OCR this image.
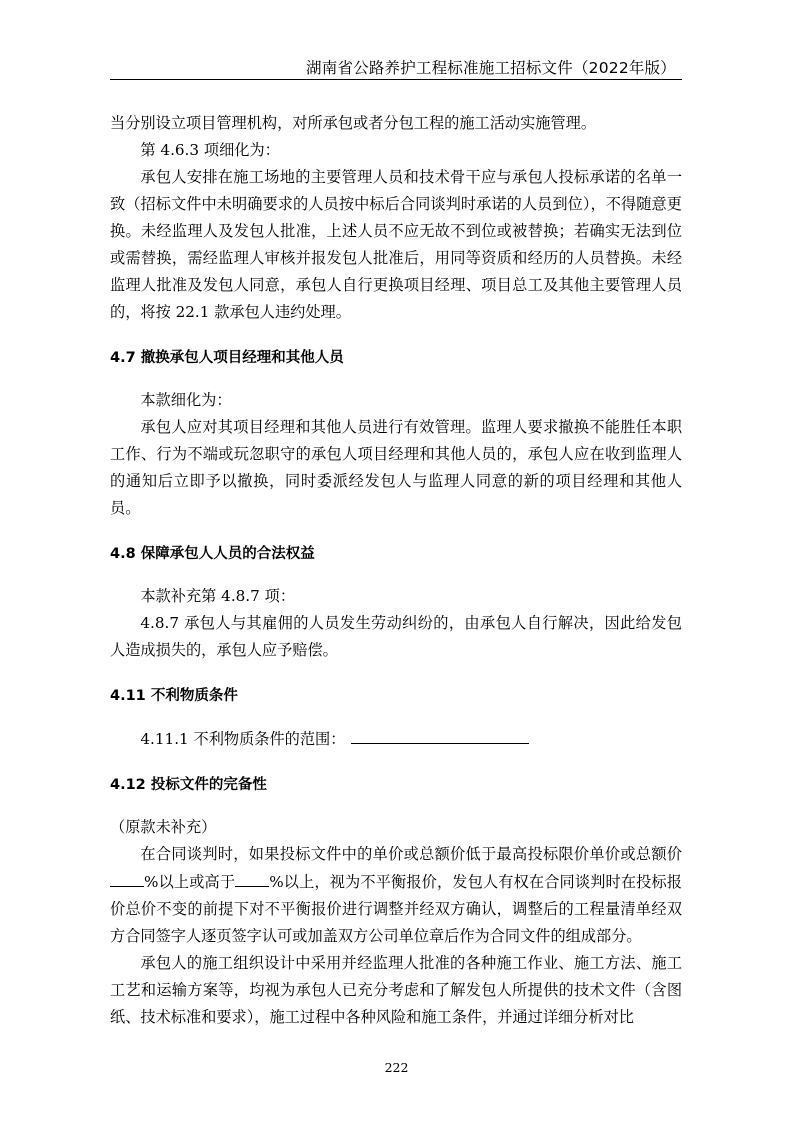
湖南省公路养护工程标准施工招标文件（2022年版）

当分别设立项目管理机构，对所承包或者分包工程的施工活动实施管理。

第 4.6.3 项细化为：

承包人安排在施工场地的主要管理人员和技术骨干应与承包人投标承诺的名单一致（招标文件中未明确要求的人员按中标后合同谈判时承诺的人员到位），不得随意更换。未经监理人及发包人批准，上述人员不应无故不到位或被替换；若确实无法到位或需替换，需经监理人审核并报发包人批准后，用同等资质和经历的人员替换。未经监理人批准及发包人同意，承包人自行更换项目经理、项目总工及其他主要管理人员的，将按 22.1 款承包人违约处理。

4.7 撤换承包人项目经理和其他人员

本款细化为：

承包人应对其项目经理和其他人员进行有效管理。监理人要求撤换不能胜任本职工作、行为不端或玩忽职守的承包人项目经理和其他人员的，承包人应在收到监理人的通知后立即予以撤换，同时委派经发包人与监理人同意的新的项目经理和其他人员。

4.8 保障承包人人员的合法权益

本款补充第 4.8.7 项：

4.8.7 承包人与其雇佣的人员发生劳动纠纷的，由承包人自行解决，因此给发包人造成损失的，承包人应予赔偿。

4.11 不利物质条件

4.11.1 不利物质条件的范围：

4.12 投标文件的完备性

（原款未补充）

在合同谈判时，如果投标文件中的单价或总额价低于最高投标限价单价或总额价%以上或高于 %以上，视为不平衡报价，发包人有权在合同谈判时在投标报价总价不变的前提下对不平衡报价进行调整并经双方确认，调整后的工程量清单经双方合同签字人逐页签字认可或加盖双方公司单位章后作为合同文件的组成部分。

承包人的施工组织设计中采用并经监理人批准的各种施工作业、施工方法、施工工艺和运输方案等，均视为承包人已充分考虑和了解发包人所提供的技术文件（含图纸、技术标准和要求），施工过程中各种风险和施工条件，并通过详细分析对比

222
